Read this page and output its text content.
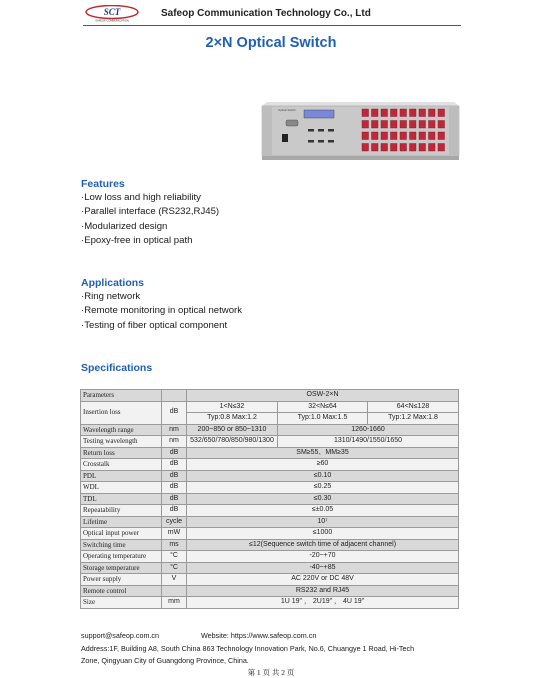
SCT
SAFEOP COMMUNICATION
Safeop Communication Technology Co., Ltd
2×N Optical Switch
Optical Switch
Features
·Low loss and high reliability
·Parallel interface (RS232,RJ45)
·Modularized design
·Epoxy-free in optical path
Applications
·Ring network
·Remote monitoring in optical network
·Testing of fiber optical component
Specifications
Parameters		OSW-2×N		
Insertion loss	dB	1<N≤32	32<N≤64	64<N≤128
		Typ:0.8 Max:1.2	Typ:1.0 Max:1.5	Typ:1.2 Max:1.8
Wavelength range	nm	200~850 or 850~1310	1260-1660	
Testing wavelength	nm	532/650/780/850/980/1300	1310/1490/1550/1650	
Return loss	dB	SM≥55、MM≥35		
Crosstalk	dB	≥60		
PDL	dB	≤0.10		
WDL	dB	≤0.25		
TDL	dB	≤0.30		
Repeatability	dB	≤±0.05		
Lifetime	cycle	10⁷		
Optical input power	mW	≤1000		
Switching time	ms	≤12(Sequence switch time of adjacent channel)		
Operating temperature	°C	-20~+70		
Storage temperature	°C	-40~+85		
Power supply	V	AC 220V or DC 48V		
Remote control		RS232 and RJ45		
Size	mm	1U 19" ， 2U19" ， 4U 19"		
support@safeop.com.cn	Website: https://www.safeop.com.cn
Address:1F, Building A8, South China 863 Technology Innovation Park, No.6, Chuangye 1 Road, Hi-Tech
Zone, Qingyuan City of Guangdong Province, China.
第 1 页 共 2 页
